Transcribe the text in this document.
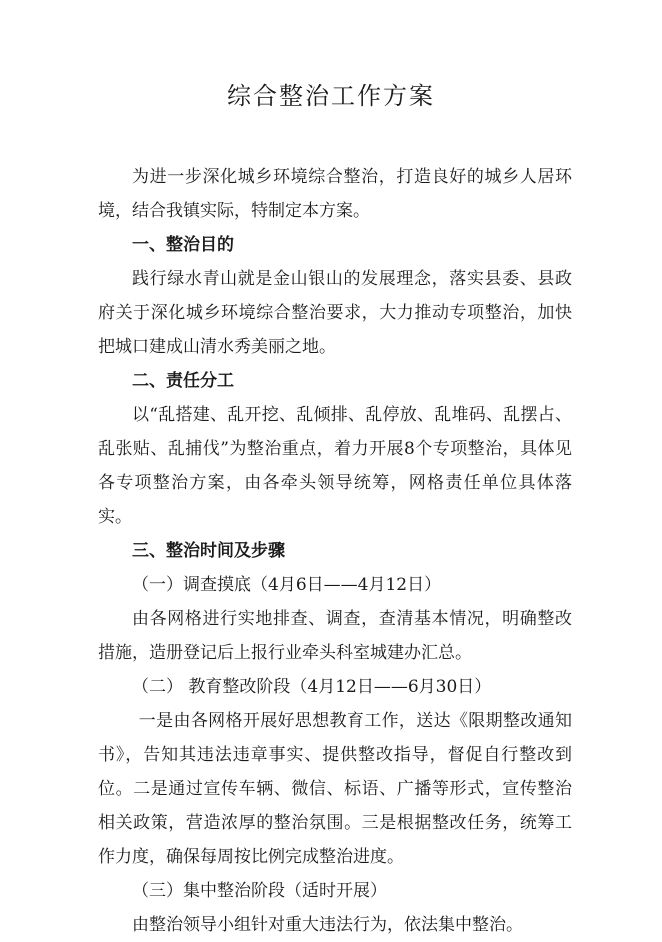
综合整治工作方案

为进一步深化城乡环境综合整治，打造良好的城乡人居环境，结合我镇实际，特制定本方案。

一、整治目的

践行绿水青山就是金山银山的发展理念，落实县委、县政府关于深化城乡环境综合整治要求，大力推动专项整治，加快把城口建成山清水秀美丽之地。

二、责任分工

以“乱搭建、乱开挖、乱倾排、乱停放、乱堆码、乱摆占、乱张贴、乱捕伐”为整治重点，着力开展8个专项整治，具体见各专项整治方案，由各牵头领导统筹，网格责任单位具体落实。

三、整治时间及步骤

（一）调查摸底（4月6日——4月12日）

由各网格进行实地排查、调查，查清基本情况，明确整改措施，造册登记后上报行业牵头科室城建办汇总。

（二） 教育整改阶段（4月12日——6月30日）

一是由各网格开展好思想教育工作，送达《限期整改通知书》，告知其违法违章事实、提供整改指导，督促自行整改到位。二是通过宣传车辆、微信、标语、广播等形式，宣传整治相关政策，营造浓厚的整治氛围。三是根据整改任务，统筹工作力度，确保每周按比例完成整治进度。

（三）集中整治阶段（适时开展）

由整治领导小组针对重大违法行为，依法集中整治。
